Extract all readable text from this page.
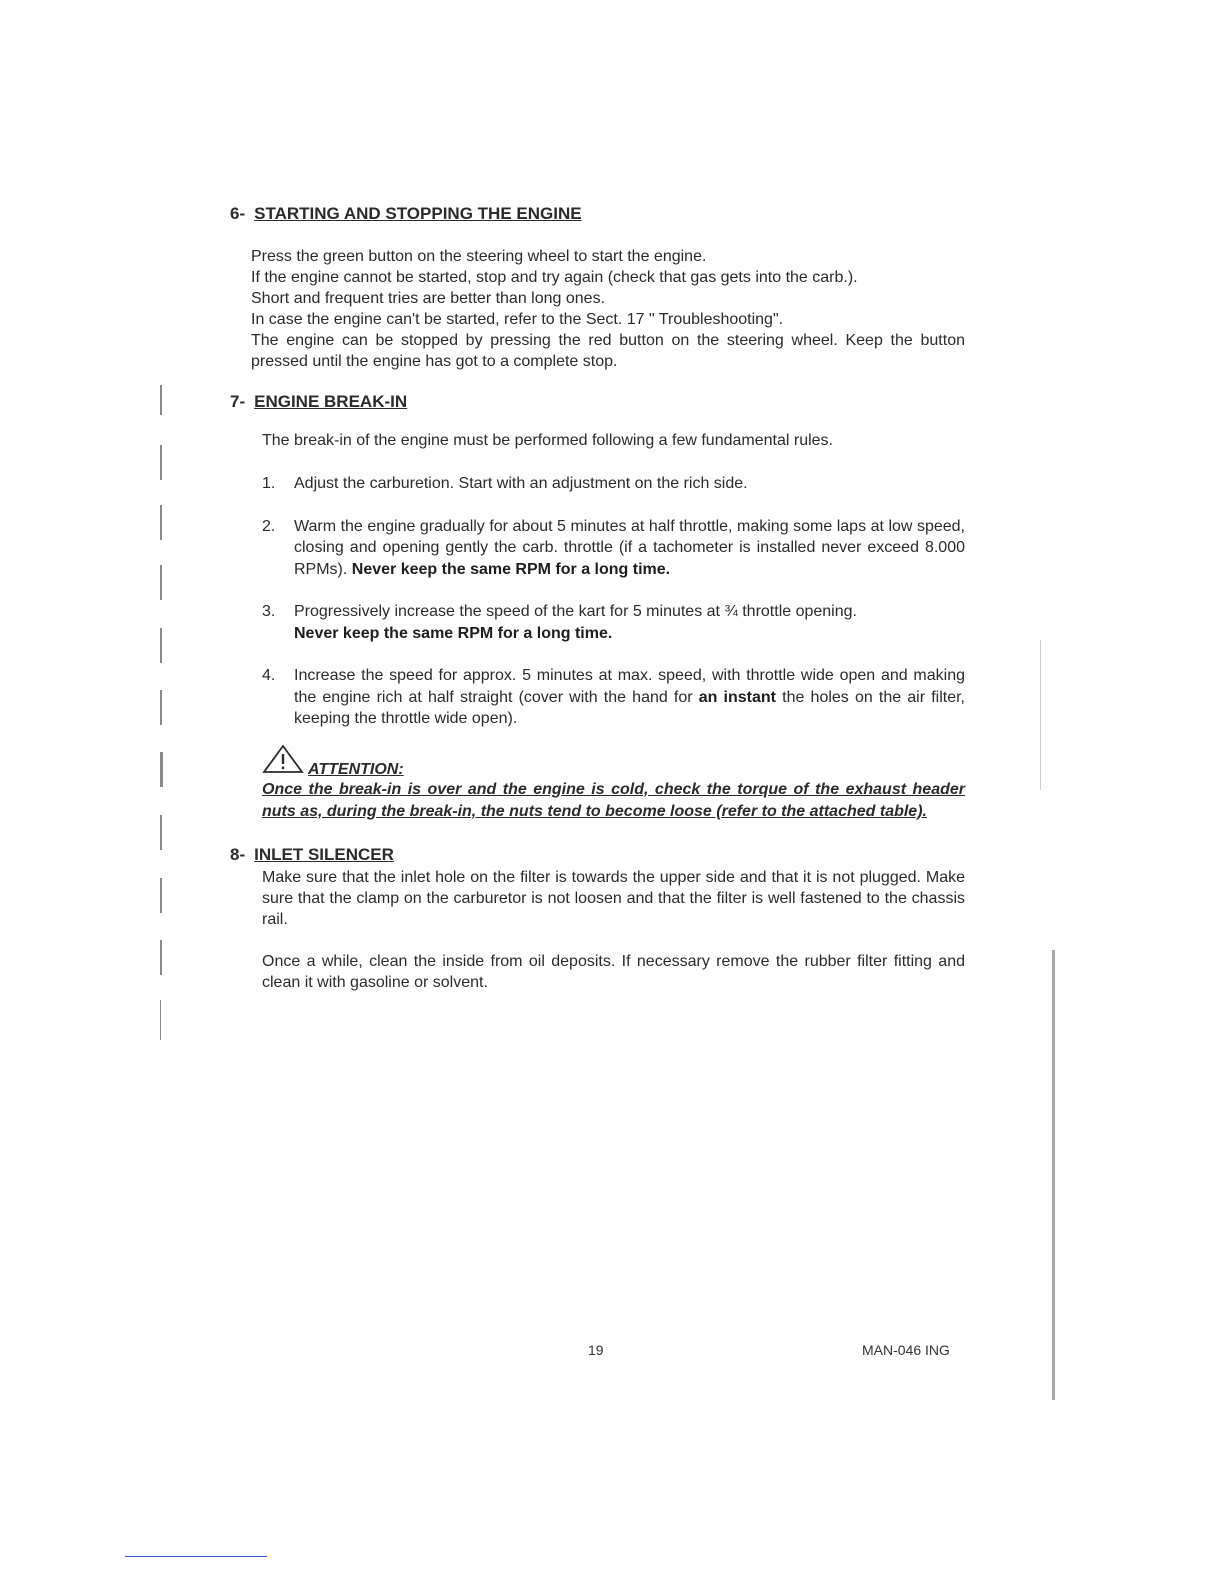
6- STARTING AND STOPPING THE ENGINE

Press the green button on the steering wheel to start the engine.

If the engine cannot be started, stop and try again (check that gas gets into the carb.).

Short and frequent tries are better than long ones.

In case the engine can't be started, refer to the Sect. 17 " Troubleshooting".

The engine can be stopped by pressing the red button on the steering wheel. Keep the button pressed until the engine has got to a complete stop.

7- ENGINE BREAK-IN

The break-in of the engine must be performed following a few fundamental rules.

1.	Adjust the carburetion. Start with an adjustment on the rich side.
2.	Warm the engine gradually for about 5 minutes at half throttle, making some laps at low speed, closing and opening gently the carb. throttle (if a tachometer is installed never exceed 8.000 RPMs). Never keep the same RPM for a long time.
3.	Progressively increase the speed of the kart for 5 minutes at ¾ throttle opening.
Never keep the same RPM for a long time.
4.	Increase the speed for approx. 5 minutes at max. speed, with throttle wide open and making the engine rich at half straight (cover with the hand for an instant the holes on the air filter, keeping the throttle wide open).
ATTENTION:

Once the break-in is over and the engine is cold, check the torque of the exhaust header nuts as, during the break-in, the nuts tend to become loose (refer to the attached table).

8- INLET SILENCER

Make sure that the inlet hole on the filter is towards the upper side and that it is not plugged. Make sure that the clamp on the carburetor is not loosen and that the filter is well fastened to the chassis rail.

Once a while, clean the inside from oil deposits. If necessary remove the rubber filter fitting and clean it with gasoline or solvent.

19	MAN-046 ING
